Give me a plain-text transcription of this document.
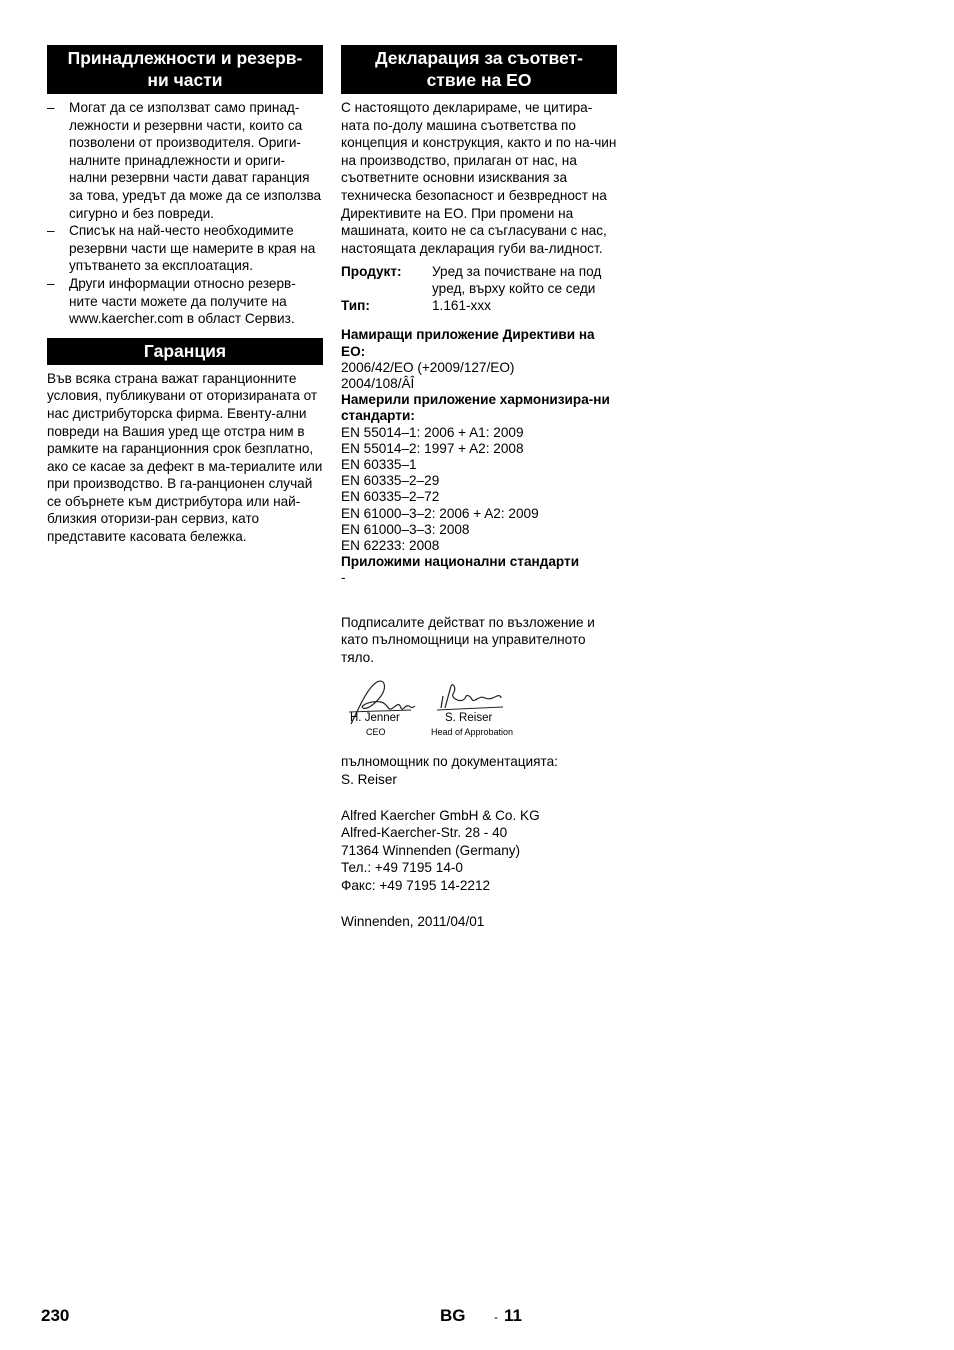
Принадлежности и резерв-
ни части
– Могат да се използват само принад-лежности и резервни части, които са позволени от производителя. Ориги-налните принадлежности и ориги-нални резервни части дават гаранция за това, уредът да може да се използва сигурно и без повреди.
– Списък на най-често необходимите резервни части ще намерите в края на упътването за експлоатация.
– Други информации относно резерв-ните части можете да получите на www.kaercher.com в област Сервиз.
Гаранция

Във всяка страна важат гаранционните условия, публикувани от оторизираната от нас дистрибуторска фирма. Евенту-ални повреди на Вашия уред ще отстра ним в рамките на гаранционния срок безплатно, ако се касае за дефект в ма-териалите или при производство. В га-ранционен случай се обърнете към дистрибутора или най-близкия оторизи-ран сервиз, като представите касовата бележка.

Декларация за съответ-
ствие на ЕО

С настоящото декларираме, че цитира-ната по-долу машина съответства по концепция и конструкция, както и по на-чин на производство, прилаган от нас, на съответните основни изисквания за техническа безопасност и безвредност на Директивите на ЕО. При промени на машината, които не са съгласувани с нас, настоящата декларация губи ва-лидност.

Продукт:	Уред за почистване на под уред, върху който се седи
Тип:	1.161-xxx
Намиращи приложение Директиви на ЕО:
2006/42/EO (+2009/127/EO)
2004/108/ÂÎ
Намерили приложение хармонизира-ни стандарти:
EN 55014–1: 2006 + A1: 2009
EN 55014–2: 1997 + A2: 2008
EN 60335–1
EN 60335–2–29
EN 60335–2–72
EN 61000–3–2: 2006 + A2: 2009
EN 61000–3–3: 2008
EN 62233: 2008
Приложими национални стандарти
-

Подписалите действат по възложение и като пълномощници на управителното тяло.

H. Jenner
CEO
S. Reiser
Head of Approbation
пълномощник по документацията:
S. Reiser
Alfred Kaercher GmbH & Co. KG
Alfred-Kaercher-Str. 28 - 40
71364 Winnenden (Germany)
Тел.: +49 7195 14-0
Факс: +49 7195 14-2212
Winnenden, 2011/04/01
230	BG - 11
